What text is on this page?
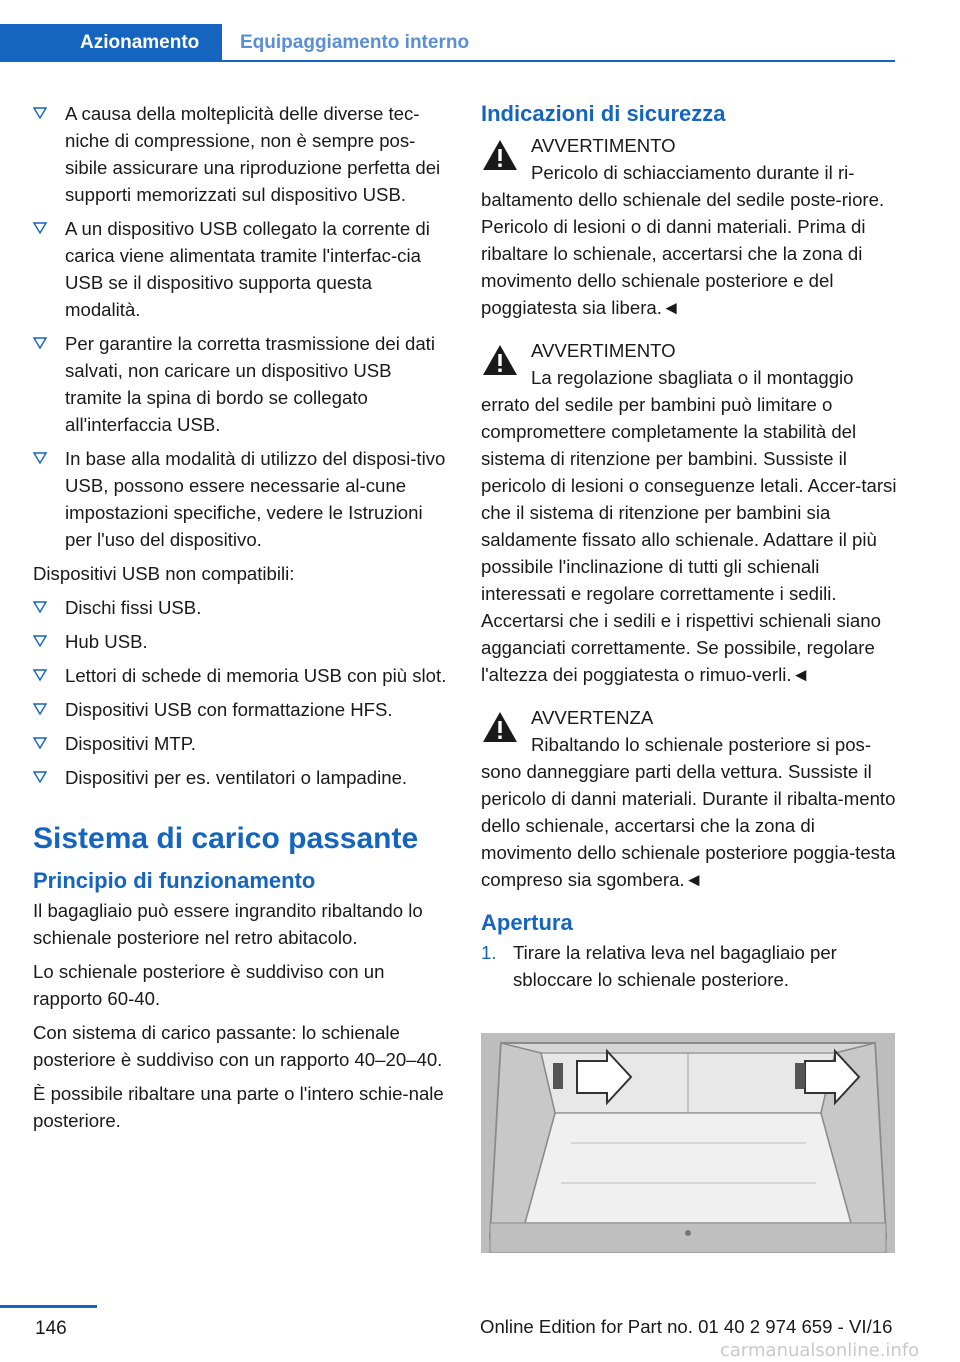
Azionamento	Equipaggiamento interno
A causa della molteplicità delle diverse tec-niche di compressione, non è sempre pos-sibile assicurare una riproduzione perfetta dei supporti memorizzati sul dispositivo USB.
A un dispositivo USB collegato la corrente di carica viene alimentata tramite l'interfac-cia USB se il dispositivo supporta questa modalità.
Per garantire la corretta trasmissione dei dati salvati, non caricare un dispositivo USB tramite la spina di bordo se collegato all'interfaccia USB.
In base alla modalità di utilizzo del disposi-tivo USB, possono essere necessarie al-cune impostazioni specifiche, vedere le Istruzioni per l'uso del dispositivo.

Dispositivi USB non compatibili:

Dischi fissi USB.
Hub USB.
Lettori di schede di memoria USB con più slot.
Dispositivi USB con formattazione HFS.
Dispositivi MTP.
Dispositivi per es. ventilatori o lampadine.
Sistema di carico passante
Principio di funzionamento

Il bagagliaio può essere ingrandito ribaltando lo schienale posteriore nel retro abitacolo.

Lo schienale posteriore è suddiviso con un rapporto 60-40.

Con sistema di carico passante: lo schienale posteriore è suddiviso con un rapporto 40–20–40.

È possibile ribaltare una parte o l'intero schie-nale posteriore.

Indicazioni di sicurezza
AVVERTIMENTO
Pericolo di schiacciamento durante il ri-
baltamento dello schienale del sedile poste-riore. Pericolo di lesioni o di danni materiali. Prima di ribaltare lo schienale, accertarsi che la zona di movimento dello schienale posteriore e del poggiatesta sia libera.◄
AVVERTIMENTO
La regolazione sbagliata o il montaggio
errato del sedile per bambini può limitare o compromettere completamente la stabilità del sistema di ritenzione per bambini. Sussiste il pericolo di lesioni o conseguenze letali. Accer-tarsi che il sistema di ritenzione per bambini sia saldamente fissato allo schienale. Adattare il più possibile l'inclinazione di tutti gli schienali interessati e regolare correttamente i sedili. Accertarsi che i sedili e i rispettivi schienali siano agganciati correttamente. Se possibile, regolare l'altezza dei poggiatesta o rimuo-verli.◄
AVVERTENZA
Ribaltando lo schienale posteriore si pos-
sono danneggiare parti della vettura. Sussiste il pericolo di danni materiali. Durante il ribalta-mento dello schienale, accertarsi che la zona di movimento dello schienale posteriore poggia-testa compreso sia sgombera.◄
Apertura
1. Tirare la relativa leva nel bagagliaio per sbloccare lo schienale posteriore.
146	Online Edition for Part no. 01 40 2 974 659 - VI/16
carmanualsonline.info
